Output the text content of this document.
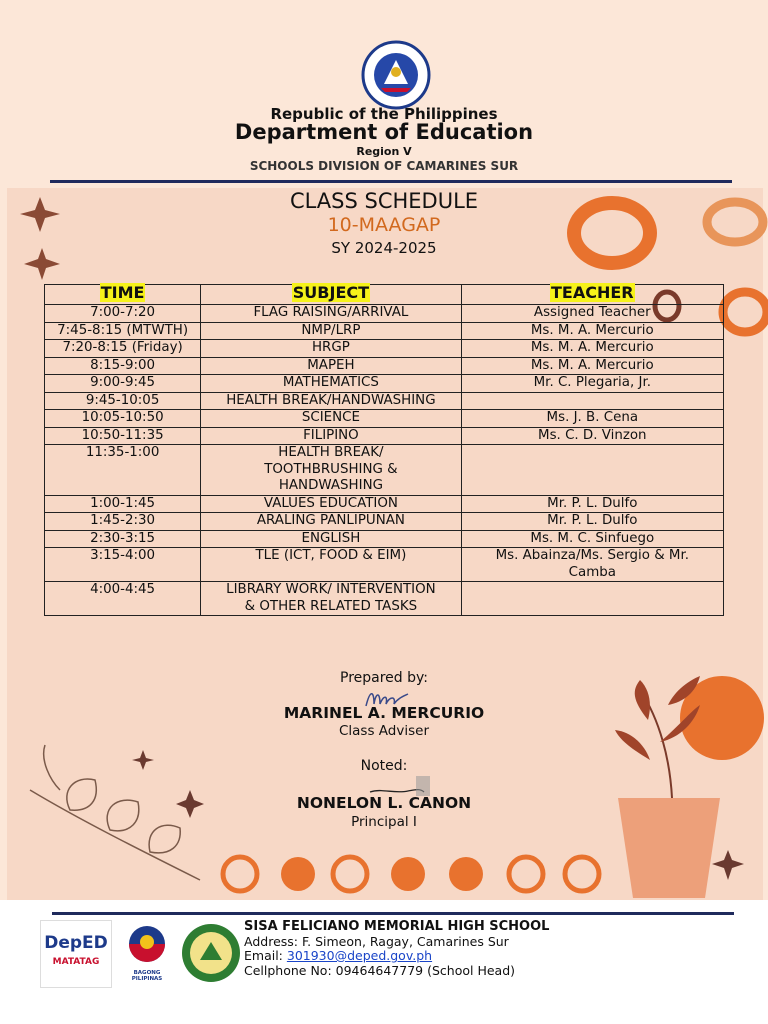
Republic of the Philippines
Department of Education
Region V
SCHOOLS DIVISION OF CAMARINES SUR
CLASS SCHEDULE
10-MAAGAP
SY 2024-2025
TIME	SUBJECT	TEACHER
7:00-7:20	FLAG RAISING/ARRIVAL	Assigned Teacher
7:45-8:15 (MTWTH)	NMP/LRP	Ms. M. A. Mercurio
7:20-8:15 (Friday)	HRGP	Ms. M. A. Mercurio
8:15-9:00	MAPEH	Ms. M. A. Mercurio
9:00-9:45	MATHEMATICS	Mr. C. Plegaria, Jr.
9:45-10:05	HEALTH BREAK/HANDWASHING	
10:05-10:50	SCIENCE	Ms. J. B. Cena
10:50-11:35	FILIPINO	Ms. C. D. Vinzon
11:35-1:00	HEALTH BREAK/ TOOTHBRUSHING & HANDWASHING	
1:00-1:45	VALUES EDUCATION	Mr. P. L. Dulfo
1:45-2:30	ARALING PANLIPUNAN	Mr. P. L. Dulfo
2:30-3:15	ENGLISH	Ms. M. C. Sinfuego
3:15-4:00	TLE (ICT, FOOD & EIM)	Ms. Abainza/Ms. Sergio & Mr. Camba
4:00-4:45	LIBRARY WORK/ INTERVENTION & OTHER RELATED TASKS	
Prepared by:
MARINEL A. MERCURIO
Class Adviser
Noted:
NONELON L. CANON
Principal I
DepED
MATATAG
BAGONG PILIPINAS
SISA FELICIANO MEMORIAL HIGH SCHOOL
Address: F. Simeon, Ragay, Camarines Sur
Email: 301930@deped.gov.ph
Cellphone No: 09464647779 (School Head)
